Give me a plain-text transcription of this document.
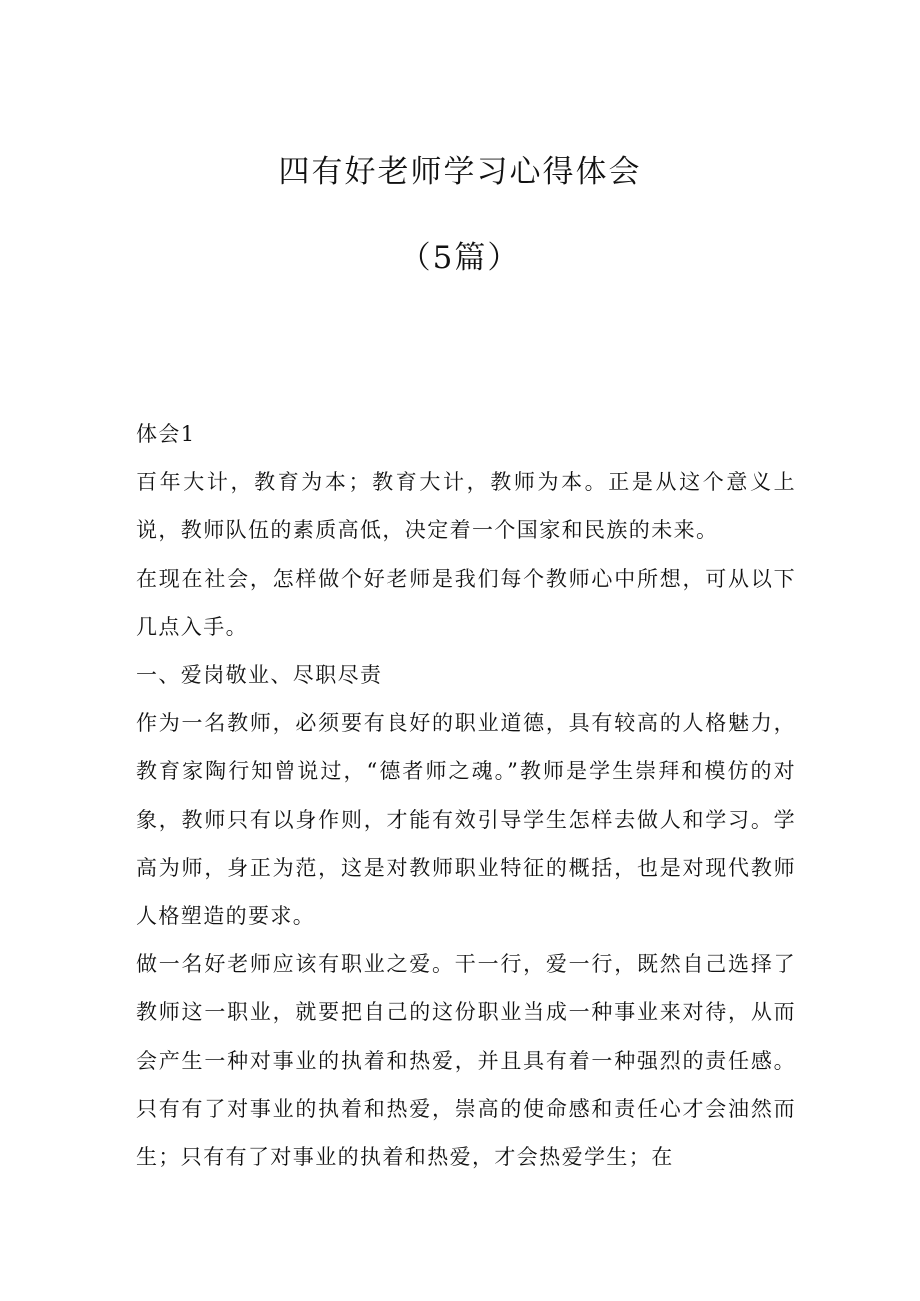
四有好老师学习心得体会
（5篇）

体会1

百年大计，教育为本；教育大计，教师为本。正是从这个意义上说，教师队伍的素质高低，决定着一个国家和民族的未来。

在现在社会，怎样做个好老师是我们每个教师心中所想，可从以下几点入手。

一、爱岗敬业、尽职尽责

作为一名教师，必须要有良好的职业道德，具有较高的人格魅力，教育家陶行知曾说过，“德者师之魂。”教师是学生崇拜和模仿的对象，教师只有以身作则，才能有效引导学生怎样去做人和学习。学高为师，身正为范，这是对教师职业特征的概括，也是对现代教师人格塑造的要求。

做一名好老师应该有职业之爱。干一行，爱一行，既然自己选择了教师这一职业，就要把自己的这份职业当成一种事业来对待，从而会产生一种对事业的执着和热爱，并且具有着一种强烈的责任感。只有有了对事业的执着和热爱，崇高的使命感和责任心才会油然而生；只有有了对事业的执着和热爱，才会热爱学生；在
